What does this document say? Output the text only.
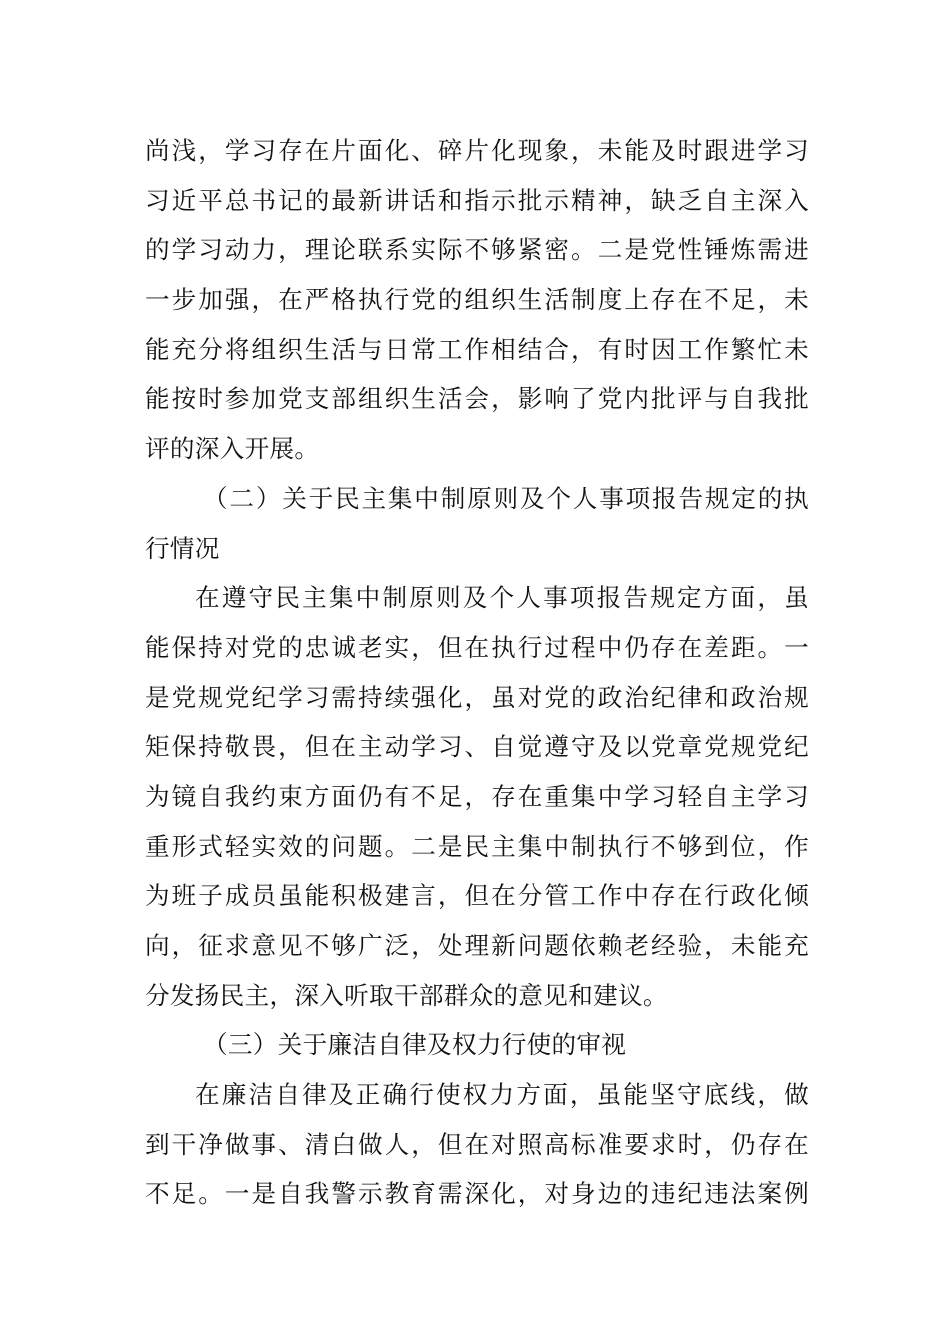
尚浅，学习存在片面化、碎片化现象，未能及时跟进学习
习近平总书记的最新讲话和指示批示精神，缺乏自主深入
的学习动力，理论联系实际不够紧密。二是党性锤炼需进
一步加强，在严格执行党的组织生活制度上存在不足，未
能充分将组织生活与日常工作相结合，有时因工作繁忙未
能按时参加党支部组织生活会，影响了党内批评与自我批
评的深入开展。
（二）关于民主集中制原则及个人事项报告规定的执
行情况
在遵守民主集中制原则及个人事项报告规定方面，虽
能保持对党的忠诚老实，但在执行过程中仍存在差距。一
是党规党纪学习需持续强化，虽对党的政治纪律和政治规
矩保持敬畏，但在主动学习、自觉遵守及以党章党规党纪
为镜自我约束方面仍有不足，存在重集中学习轻自主学习
重形式轻实效的问题。二是民主集中制执行不够到位，作
为班子成员虽能积极建言，但在分管工作中存在行政化倾
向，征求意见不够广泛，处理新问题依赖老经验，未能充
分发扬民主，深入听取干部群众的意见和建议。
（三）关于廉洁自律及权力行使的审视
在廉洁自律及正确行使权力方面，虽能坚守底线，做
到干净做事、清白做人，但在对照高标准要求时，仍存在
不足。一是自我警示教育需深化，对身边的违纪违法案例
